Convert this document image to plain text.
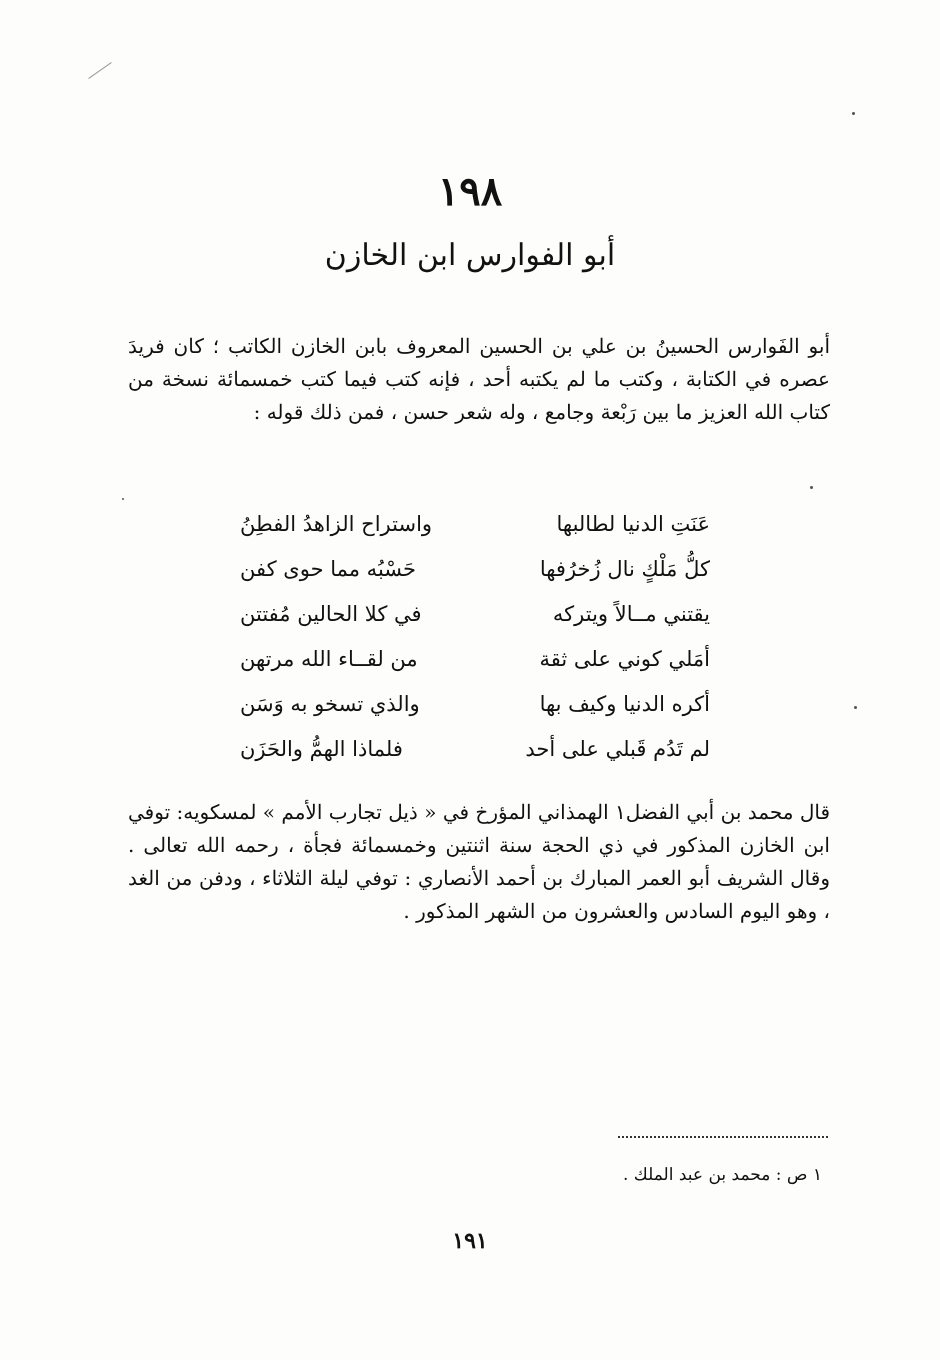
١٩٨
أبو الفوارس ابن الخازن

أبو الفَوارس الحسينُ بن علي بن الحسين المعروف بابن الخازن الكاتب ؛ كان فريدَ عصره في الكتابة ، وكتب ما لم يكتبه أحد ، فإنه كتب فيما كتب خمسمائة نسخة من كتاب الله العزيز ما بين رَبْعة وجامع ، وله شعر حسن ، فمن ذلك قوله :

عَنَتِ الدنيا لطالبها
واستراح الزاهدُ الفطِنُ
كلُّ مَلْكٍ نال زُخرُفها
حَسْبُه مما حوى كفن
يقتني مــالاً ويتركه
في كلا الحالين مُفتتن
أمَلي كوني على ثقة
من لقــاء الله مرتهن
أكره الدنيا وكيف بها
والذي تسخو به وَسَن
لم تَدُم قَبلي على أحد
فلماذا الهمُّ والحَزَن

قال محمد بن أبي الفضل١ الهمذاني المؤرخ في « ذيل تجارب الأمم » لمسكويه: توفي ابن الخازن المذكور في ذي الحجة سنة اثنتين وخمسمائة فجأة ، رحمه الله تعالى . وقال الشريف أبو العمر المبارك بن أحمد الأنصاري : توفي ليلة الثلاثاء ، ودفن من الغد ، وهو اليوم السادس والعشرون من الشهر المذكور .

١ ص : محمد بن عبد الملك .
١٩١
